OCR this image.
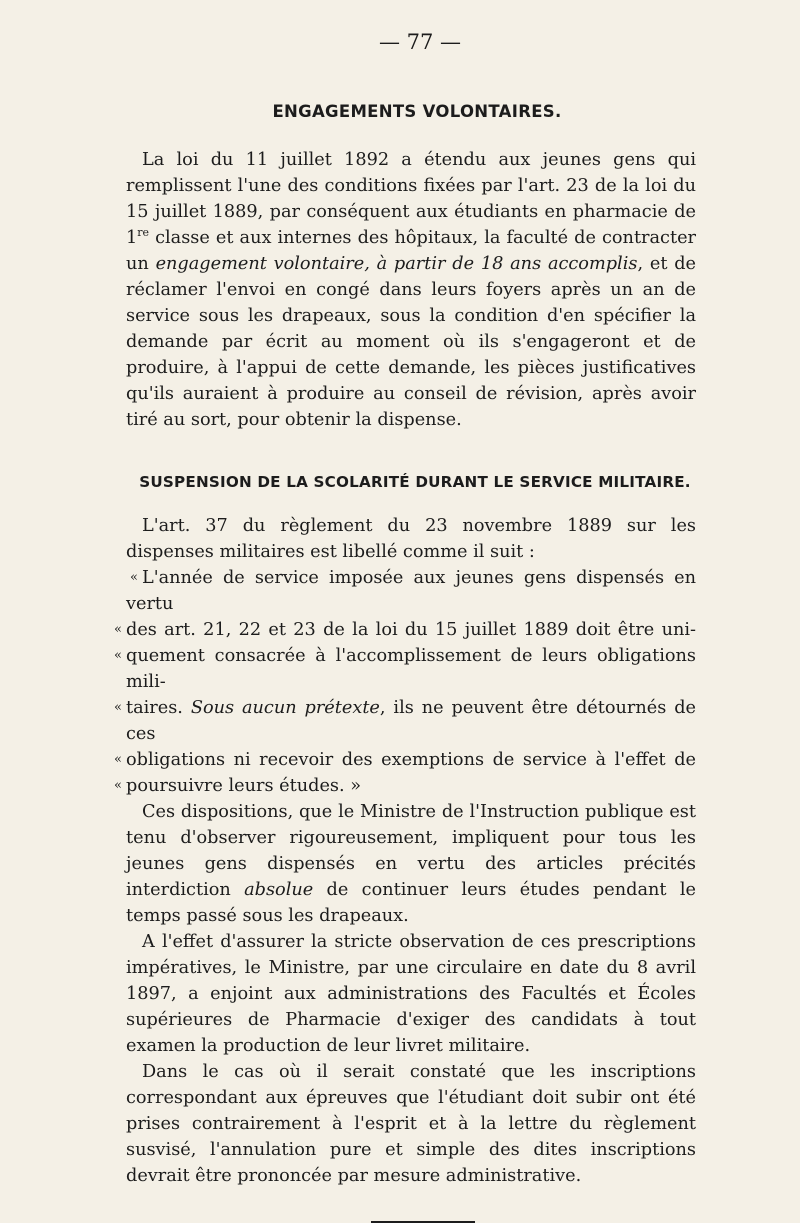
— 77 —
ENGAGEMENTS VOLONTAIRES.

La loi du 11 juillet 1892 a étendu aux jeunes gens qui remplissent l'une des conditions fixées par l'art. 23 de la loi du 15 juillet 1889, par conséquent aux étudiants en pharmacie de 1re classe et aux internes des hôpitaux, la faculté de contracter un engagement volontaire, à partir de 18 ans accomplis, et de réclamer l'envoi en congé dans leurs foyers après un an de service sous les drapeaux, sous la condition d'en spécifier la demande par écrit au moment où ils s'engageront et de produire, à l'appui de cette demande, les pièces justificatives qu'ils auraient à produire au conseil de révision, après avoir tiré au sort, pour obtenir la dispense.

SUSPENSION DE LA SCOLARITÉ DURANT LE SERVICE MILITAIRE.

L'art. 37 du règlement du 23 novembre 1889 sur les dispenses militaires est libellé comme il suit :

« L'année de service imposée aux jeunes gens dispensés en vertu
« des art. 21, 22 et 23 de la loi du 15 juillet 1889 doit être uni-
« quement consacrée à l'accomplissement de leurs obligations mili-
« taires. Sous aucun prétexte, ils ne peuvent être détournés de ces
« obligations ni recevoir des exemptions de service à l'effet de
« poursuivre leurs études. »

Ces dispositions, que le Ministre de l'Instruction publique est tenu d'observer rigoureusement, impliquent pour tous les jeunes gens dispensés en vertu des articles précités interdiction absolue de continuer leurs études pendant le temps passé sous les drapeaux.

A l'effet d'assurer la stricte observation de ces prescriptions impératives, le Ministre, par une circulaire en date du 8 avril 1897, a enjoint aux administrations des Facultés et Écoles supérieures de Pharmacie d'exiger des candidats à tout examen la production de leur livret militaire.

Dans le cas où il serait constaté que les inscriptions correspondant aux épreuves que l'étudiant doit subir ont été prises contrairement à l'esprit et à la lettre du règlement susvisé, l'annulation pure et simple des dites inscriptions devrait être prononcée par mesure administrative.
